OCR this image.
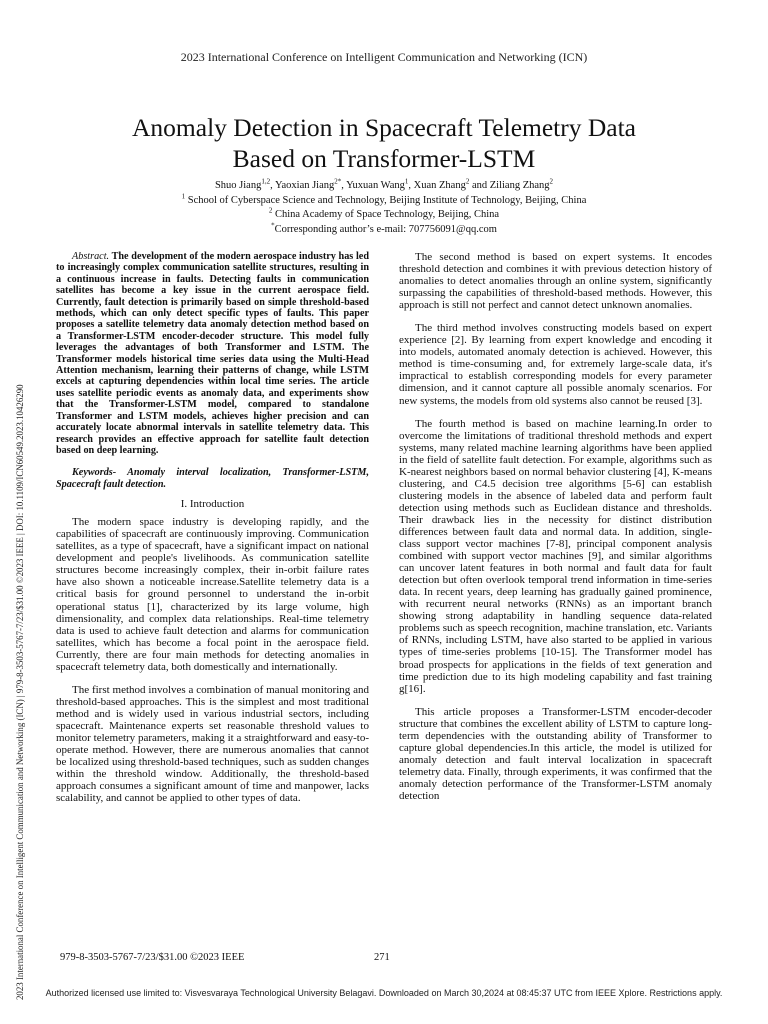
2023 International Conference on Intelligent Communication and Networking (ICN)
Anomaly Detection in Spacecraft Telemetry Data
Based on Transformer-LSTM
Shuo Jiang$^{1,2}$, Yaoxian Jiang$^{2*}$, Yuxuan Wang$^1$, Xuan Zhang$^2$ and Ziliang Zhang$^2$
$^1$ School of Cyberspace Science and Technology, Beijing Institute of Technology, Beijing, China
$^2$ China Academy of Space Technology, Beijing, China
*Corresponding author’s e-mail: 707756091@qq.com
2023 International Conference on Intelligent Communication and Networking (ICN) | 979-8-3503-5767-7/23/$31.00 ©2023 IEEE | DOI: 10.1109/ICN60549.2023.10426290

Abstract. The development of the modern aerospace industry has led to increasingly complex communication satellite structures, resulting in a continuous increase in faults. Detecting faults in communication satellites has become a key issue in the current aerospace field. Currently, fault detection is primarily based on simple threshold-based methods, which can only detect specific types of faults. This paper proposes a satellite telemetry data anomaly detection method based on a Transformer-LSTM encoder-decoder structure. This model fully leverages the advantages of both Transformer and LSTM. The Transformer models historical time series data using the Multi-Head Attention mechanism, learning their patterns of change, while LSTM excels at capturing dependencies within local time series. The article uses satellite periodic events as anomaly data, and experiments show that the Transformer-LSTM model, compared to standalone Transformer and LSTM models, achieves higher precision and can accurately locate abnormal intervals in satellite telemetry data. This research provides an effective approach for satellite fault detection based on deep learning.

Keywords- Anomaly interval localization, Transformer-LSTM, Spacecraft fault detection.

I. Introduction

The modern space industry is developing rapidly, and the capabilities of spacecraft are continuously improving. Communication satellites, as a type of spacecraft, have a significant impact on national development and people's livelihoods. As communication satellite structures become increasingly complex, their in-orbit failure rates have also shown a noticeable increase.Satellite telemetry data is a critical basis for ground personnel to understand the in-orbit operational status [1], characterized by its large volume, high dimensionality, and complex data relationships. Real-time telemetry data is used to achieve fault detection and alarms for communication satellites, which has become a focal point in the aerospace field. Currently, there are four main methods for detecting anomalies in spacecraft telemetry data, both domestically and internationally.

The first method involves a combination of manual monitoring and threshold-based approaches. This is the simplest and most traditional method and is widely used in various industrial sectors, including spacecraft. Maintenance experts set reasonable threshold values to monitor telemetry parameters, making it a straightforward and easy-to-operate method. However, there are numerous anomalies that cannot be localized using threshold-based techniques, such as sudden changes within the threshold window. Additionally, the threshold-based approach consumes a significant amount of time and manpower, lacks scalability, and cannot be applied to other types of data.

The second method is based on expert systems. It encodes threshold detection and combines it with previous detection history of anomalies to detect anomalies through an online system, significantly surpassing the capabilities of threshold-based methods. However, this approach is still not perfect and cannot detect unknown anomalies.

The third method involves constructing models based on expert experience [2]. By learning from expert knowledge and encoding it into models, automated anomaly detection is achieved. However, this method is time-consuming and, for extremely large-scale data, it's impractical to establish corresponding models for every parameter dimension, and it cannot capture all possible anomaly scenarios. For new systems, the models from old systems also cannot be reused [3].

The fourth method is based on machine learning.In order to overcome the limitations of traditional threshold methods and expert systems, many related machine learning algorithms have been applied in the field of satellite fault detection. For example, algorithms such as K-nearest neighbors based on normal behavior clustering [4], K-means clustering, and C4.5 decision tree algorithms [5-6] can establish clustering models in the absence of labeled data and perform fault detection using methods such as Euclidean distance and thresholds. Their drawback lies in the necessity for distinct distribution differences between fault data and normal data. In addition, single-class support vector machines [7-8], principal component analysis combined with support vector machines [9], and similar algorithms can uncover latent features in both normal and fault data for fault detection but often overlook temporal trend information in time-series data. In recent years, deep learning has gradually gained prominence, with recurrent neural networks (RNNs) as an important branch showing strong adaptability in handling sequence data-related problems such as speech recognition, machine translation, etc. Variants of RNNs, including LSTM, have also started to be applied in various types of time-series problems [10-15]. The Transformer model has broad prospects for applications in the fields of text generation and time prediction due to its high modeling capability and fast training g[16].

This article proposes a Transformer-LSTM encoder-decoder structure that combines the excellent ability of LSTM to capture long-term dependencies with the outstanding ability of Transformer to capture global dependencies.In this article, the model is utilized for anomaly detection and fault interval localization in spacecraft telemetry data. Finally, through experiments, it was confirmed that the anomaly detection performance of the Transformer-LSTM anomaly detection

979-8-3503-5767-7/23/$31.00 ©2023 IEEE	271
Authorized licensed use limited to: Visvesvaraya Technological University Belagavi. Downloaded on March 30,2024 at 08:45:37 UTC from IEEE Xplore. Restrictions apply.
